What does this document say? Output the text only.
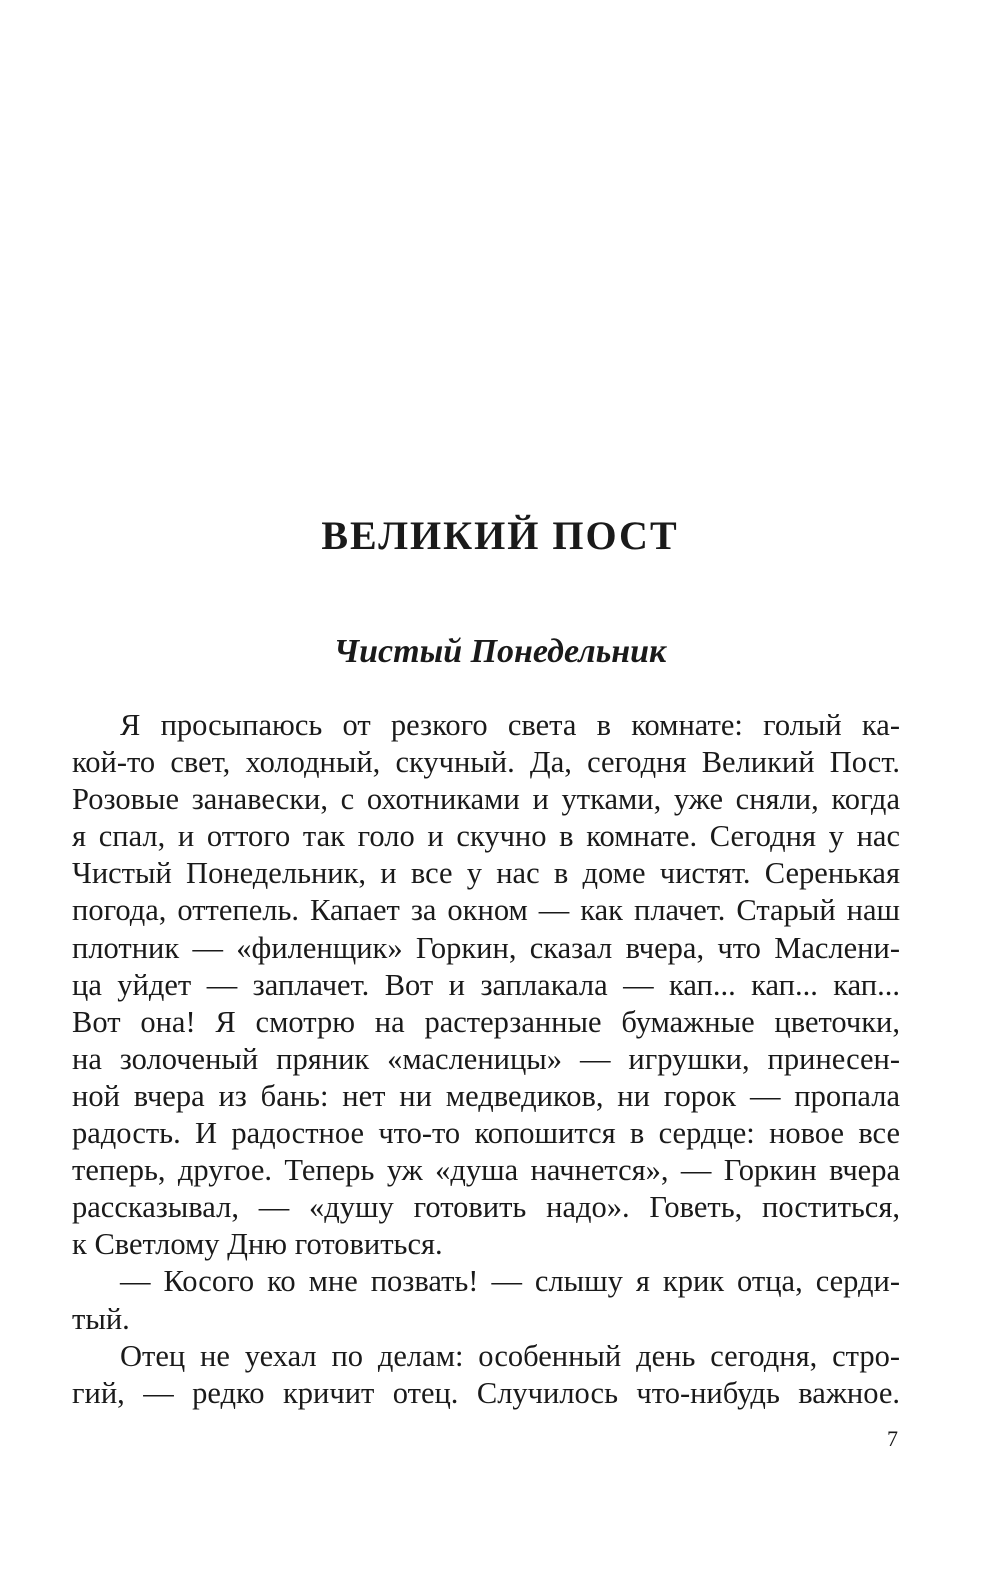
ВЕЛИКИЙ ПОСТ
Чистый Понедельник
Я просыпаюсь от резкого света в комнате: голый ка-
кой-то свет, холодный, скучный. Да, сегодня Великий Пост.
Розовые занавески, с охотниками и утками, уже сняли, когда
я спал, и оттого так голо и скучно в комнате. Сегодня у нас
Чистый Понедельник, и все у нас в доме чистят. Серенькая
погода, оттепель. Капает за окном — как плачет. Старый наш
плотник — «филенщик» Горкин, сказал вчера, что Маслени-
ца уйдет — заплачет. Вот и заплакала — кап... кап... кап...
Вот она! Я смотрю на растерзанные бумажные цветочки,
на золоченый пряник «масленицы» — игрушки, принесен-
ной вчера из бань: нет ни медведиков, ни горок — пропала
радость. И радостное что-то копошится в сердце: новое все
теперь, другое. Теперь уж «душа начнется», — Горкин вчера
рассказывал, — «душу готовить надо». Говеть, поститься,
к Светлому Дню готовиться.
— Косого ко мне позвать! — слышу я крик отца, серди-
тый.
Отец не уехал по делам: особенный день сегодня, стро-
гий, — редко кричит отец. Случилось что-нибудь важное.
7
